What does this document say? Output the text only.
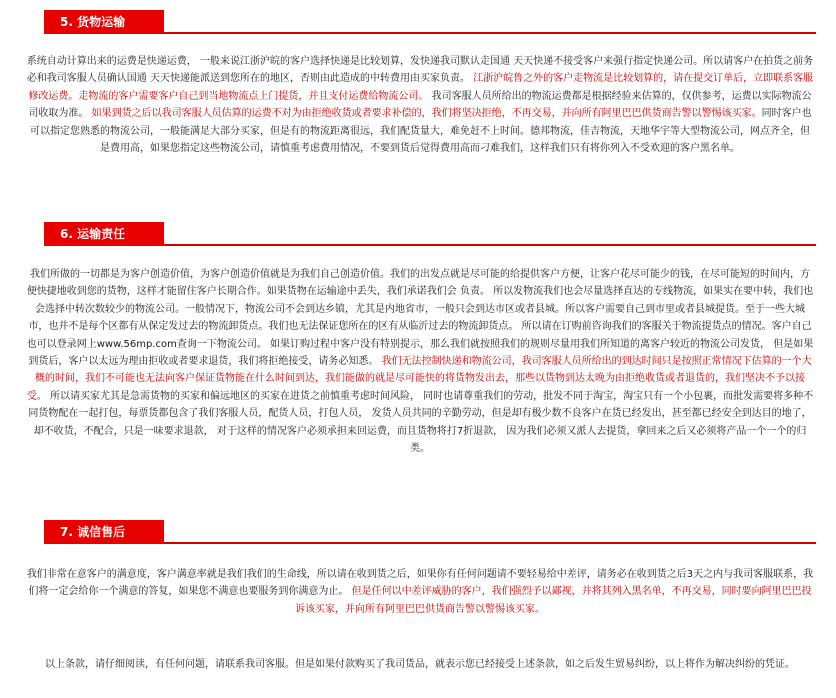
5. 货物运输

系统自动计算出来的运费是快递运费， 一般来说江浙沪皖的客户选择快递是比较划算，发快递我司默认走国通 天天快递不接受客户来强行指定快递公司。所以请客户在拍货之前务必和我司客服人员确认国通 天天快递能派送到您所在的地区，否则由此造成的中转费用由买家负责。 江浙沪皖鲁之外的客户走物流是比较划算的，请在提交订单后，立即联系客服修改运费。走物流的客户需要客户自己到当地物流点上门提货，并且支付运费给物流公司。 我司客服人员所给出的物流运费都是根据经验来估算的，仅供参考，运费以实际物流公司收取为准。 如果到货之后以我司客服人员估算的运费不对为由拒绝收货或者要求补偿的，我们将坚决拒绝，不再交易，并向所有阿里巴巴供货商告警以警惕该买家。同时客户也可以指定您熟悉的物流公司，一般能满足大部分买家，但是有的物流距离很远，我们配货量大，难免赶不上时间。德邦物流，佳吉物流，天地华宇等大型物流公司，网点齐全，但是费用高，如果您指定这些物流公司，请慎重考虑费用情况，不要到货后觉得费用高而刁难我们，这样我们只有将你列入不受欢迎的客户黑名单。

6. 运输责任

我们所做的一切都是为客户创造价值，为客户创造价值就是为我们自己创造价值。我们的出发点就是尽可能的给提供客户方便，让客户花尽可能少的钱，在尽可能短的时间内，方便快捷地收到您的货物，这样才能留住客户长期合作。如果货物在运输途中丢失，我们承诺我们会 负责。 所以发物流我们也会尽量选择直达的专线物流，如果实在要中转，我们也会选择中转次数较少的物流公司。一般情况下，物流公司不会到达乡镇，尤其是内地省市，一般只会到达市区或者县城。所以客户需要自己到市里或者县城提货。至于一些大城市，也并不是每个区都有从保定发过去的物流卸货点。我们也无法保证您所在的区有从临沂过去的物流卸货点。 所以请在订购前咨询我们的客服关于物流提货点的情况。客户自己也可以登录网上www.56mp.com查询一下物流公司。 如果订购过程中客户没有特别提示，那么我们就按照我们的规则尽量用我们所知道的离客户较近的物流公司发货， 但是如果到货后，客户以太远为理由拒收或者要求退货，我们将拒绝接受，请务必知悉。 我们无法控制快递和物流公司，我司客服人员所给出的到达时间只是按照正常情况下估算的一个大概的时间，我们不可能也无法向客户保证货物能在什么时间到达，我们能做的就是尽可能快的将货物发出去，那些以货物到达太晚为由拒绝收货或者退货的，我们坚决不予以接受。 所以请买家尤其是急需货物的买家和偏远地区的买家在进货之前慎重考虑时间风险， 同时也请尊重我们的劳动，批发不同于淘宝，淘宝只有一个小包裹，而批发需要将多种不同货物配在一起打包，每票货都包含了我们客服人员，配货人员，打包人员， 发货人员共同的辛勤劳动，但是却有极少数不良客户在货已经发出，甚至都已经安全到达目的地了，却不收货，不配合，只是一味要求退款， 对于这样的情况客户必须承担来回运费，而且货物将打7折退款， 因为我们必须又派人去提货，拿回来之后又必须将产品一个一个的归类。

7. 诚信售后

我们非常在意客户的满意度，客户满意率就是我们我们的生命线，所以请在收到货之后，如果你有任何问题请不要轻易给中差评，请务必在收到货之后3天之内与我司客服联系，我们将一定会给你一个满意的答复，如果您不满意也要服务到你满意为止。 但是任何以中差评威胁的客户，我们强烈予以鄙视，并将其列入黑名单，不再交易，同时要向阿里巴巴投诉该买家，并向所有阿里巴巴供货商告警以警惕该买家。

以上条款，请仔细阅读，有任何问题，请联系我司客服。但是如果付款购买了我司货品，就表示您已经接受上述条款，如之后发生贸易纠纷，以上将作为解决纠纷的凭证。
